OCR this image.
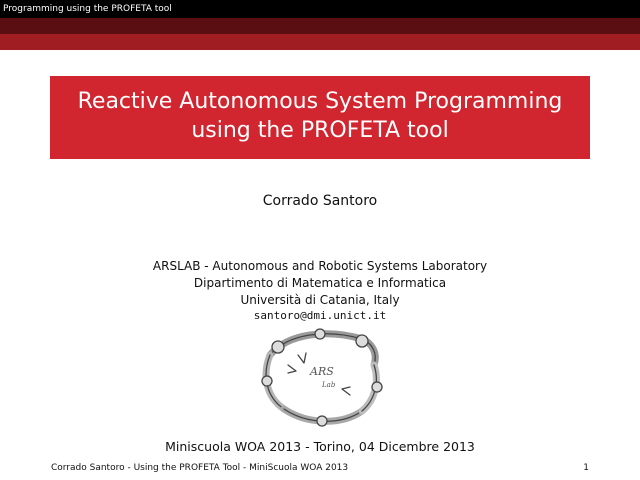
Programming using the PROFETA tool
Reactive Autonomous System Programming
using the PROFETA tool
Corrado Santoro
ARSLAB - Autonomous and Robotic Systems Laboratory
Dipartimento di Matematica e Informatica
Università di Catania, Italy
santoro@dmi.unict.it
ARS
Lab
Miniscuola WOA 2013 - Torino, 04 Dicembre 2013
Corrado Santoro - Using the PROFETA Tool - MiniScuola WOA 2013	1
